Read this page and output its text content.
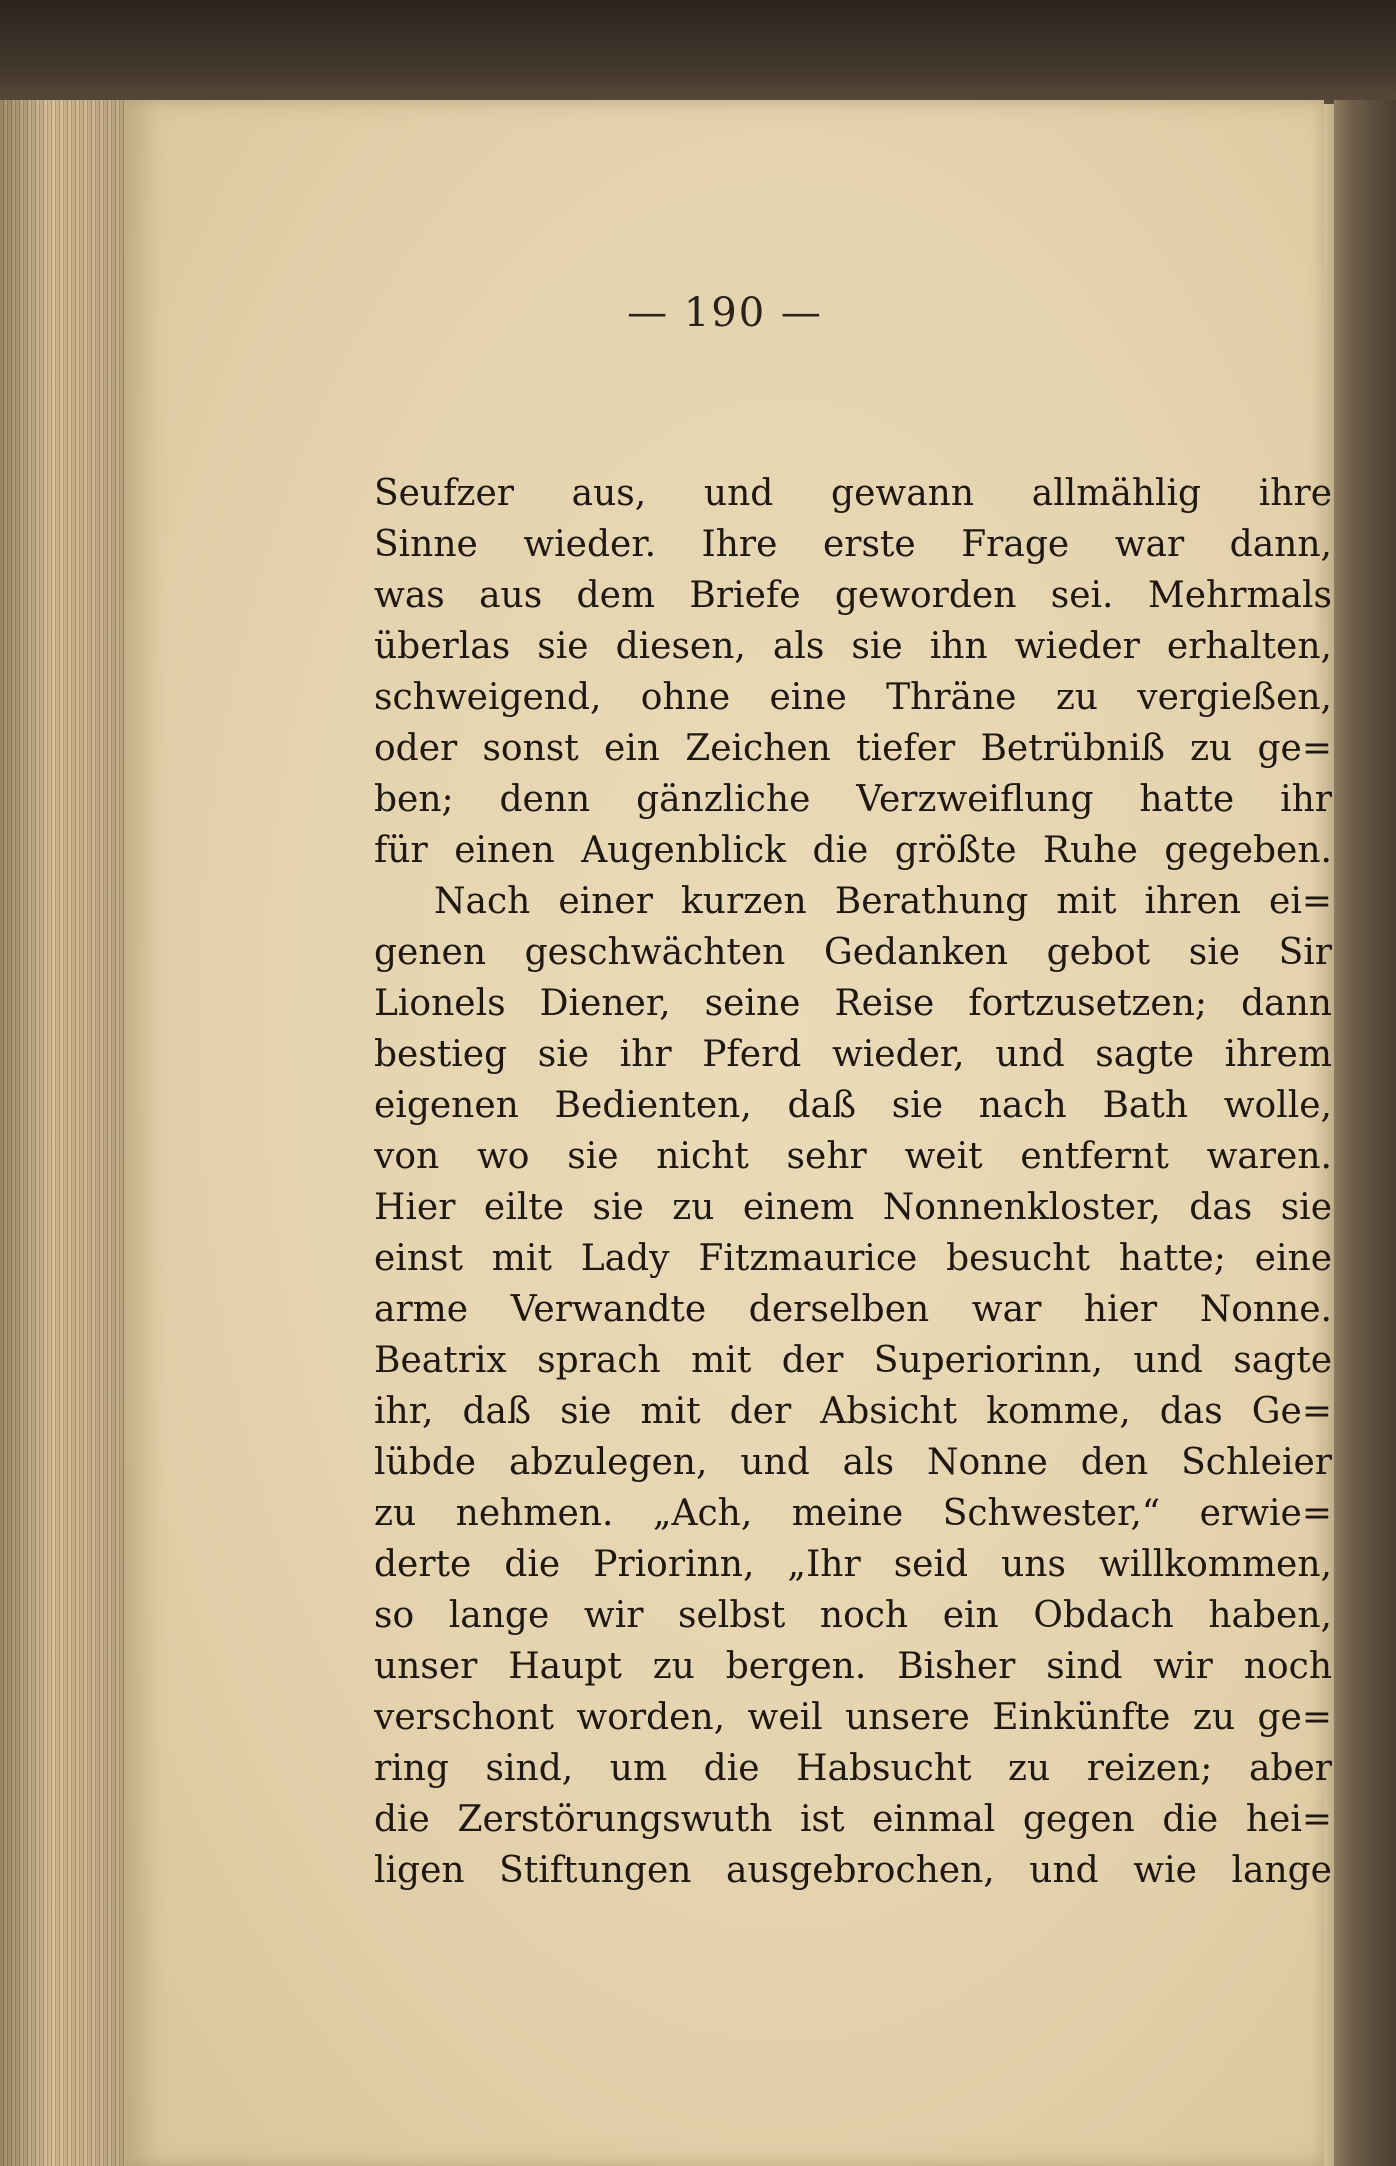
— 190 —
Seufzer aus, und gewann allmählig ihre
Sinne wieder. Ihre erste Frage war dann,
was aus dem Briefe geworden sei. Mehrmals
überlas sie diesen, als sie ihn wieder erhalten,
schweigend, ohne eine Thräne zu vergießen,
oder sonst ein Zeichen tiefer Betrübniß zu ge=
ben; denn gänzliche Verzweiflung hatte ihr
für einen Augenblick die größte Ruhe gegeben.
Nach einer kurzen Berathung mit ihren ei=
genen geschwächten Gedanken gebot sie Sir
Lionels Diener, seine Reise fortzusetzen; dann
bestieg sie ihr Pferd wieder, und sagte ihrem
eigenen Bedienten, daß sie nach Bath wolle,
von wo sie nicht sehr weit entfernt waren.
Hier eilte sie zu einem Nonnenkloster, das sie
einst mit Lady Fitzmaurice besucht hatte; eine
arme Verwandte derselben war hier Nonne.
Beatrix sprach mit der Superiorinn, und sagte
ihr, daß sie mit der Absicht komme, das Ge=
lübde abzulegen, und als Nonne den Schleier
zu nehmen. „Ach, meine Schwester,“ erwie=
derte die Priorinn, „Ihr seid uns willkommen,
so lange wir selbst noch ein Obdach haben,
unser Haupt zu bergen. Bisher sind wir noch
verschont worden, weil unsere Einkünfte zu ge=
ring sind, um die Habsucht zu reizen; aber
die Zerstörungswuth ist einmal gegen die hei=
ligen Stiftungen ausgebrochen, und wie lange
